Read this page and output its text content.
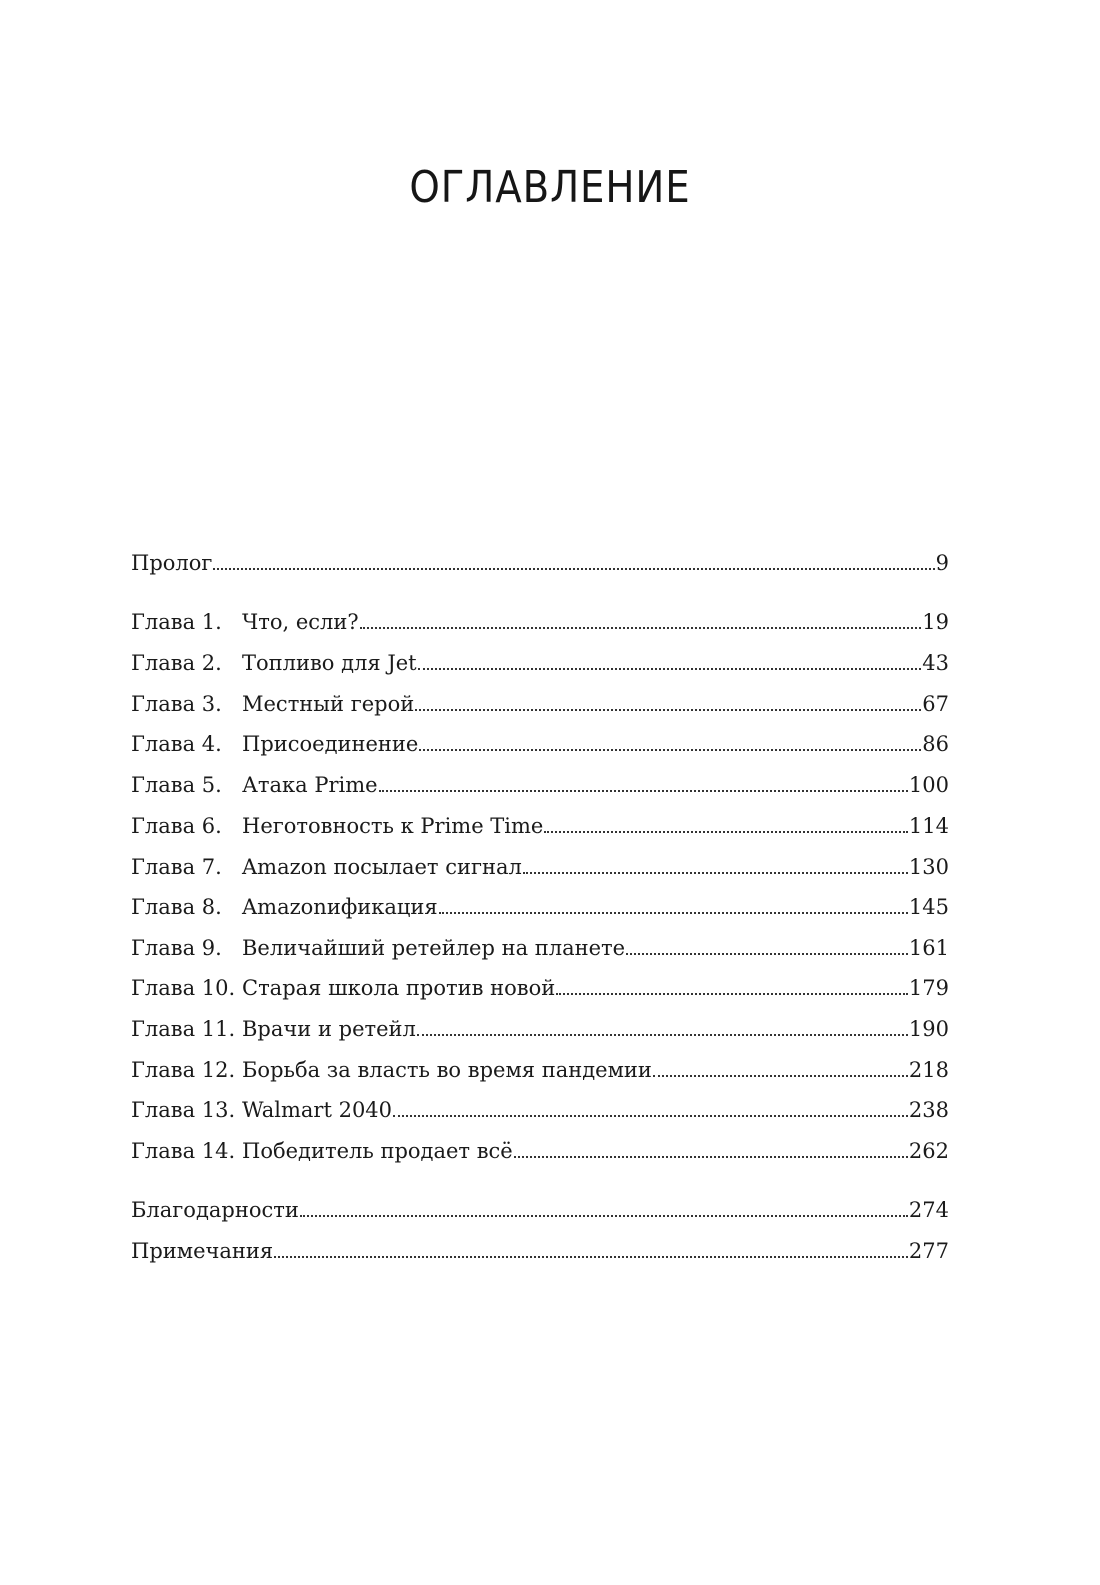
ОГЛАВЛЕНИЕ
Пролог	9
Глава 1. Что, если?	19
Глава 2. Топливо для Jet	43
Глава 3. Местный герой	67
Глава 4. Присоединение	86
Глава 5. Атака Prime	100
Глава 6. Неготовность к Prime Time	114
Глава 7. Amazon посылает сигнал	130
Глава 8. Amazonификация	145
Глава 9. Величайший ретейлер на планете	161
Глава 10. Старая школа против новой	179
Глава 11. Врачи и ретейл	190
Глава 12. Борьба за власть во время пандемии	218
Глава 13. Walmart 2040	238
Глава 14. Победитель продает всё	262
Благодарности	274
Примечания	277
